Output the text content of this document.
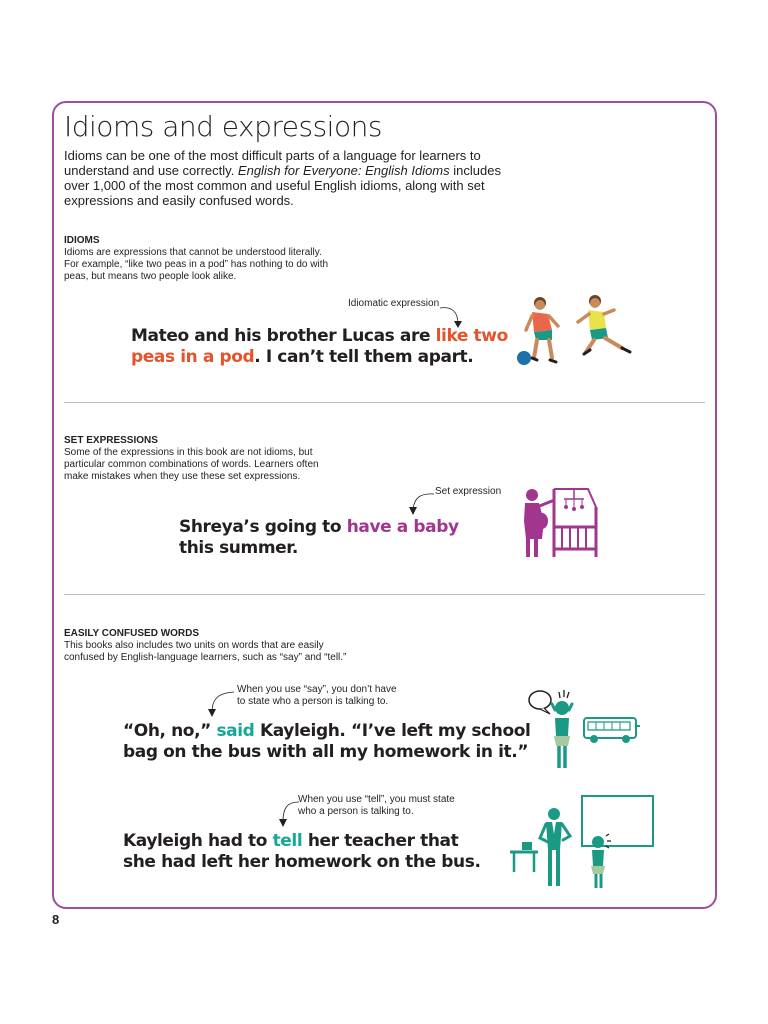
Idioms and expressions

Idioms can be one of the most difficult parts of a language for learners to understand and use correctly. English for Everyone: English Idioms includes over 1,000 of the most common and useful English idioms, along with set expressions and easily confused words.

IDIOMS
Idioms are expressions that cannot be understood literally. For example, “like two peas in a pod” has nothing to do with peas, but means two people look alike.
Idiomatic expression
Mateo and his brother Lucas are like two
peas in a pod. I can’t tell them apart.
SET EXPRESSIONS
Some of the expressions in this book are not idioms, but particular common combinations of words. Learners often make mistakes when they use these set expressions.
Set expression
Shreya’s going to have a baby
this summer.
EASILY CONFUSED WORDS
This books also includes two units on words that are easily confused by English-language learners, such as “say” and “tell.”
When you use “say”, you don’t have to state who a person is talking to.
“Oh, no,” said Kayleigh. “I’ve left my school
bag on the bus with all my homework in it.”
When you use “tell”, you must state who a person is talking to.
Kayleigh had to tell her teacher that
she had left her homework on the bus.
8
